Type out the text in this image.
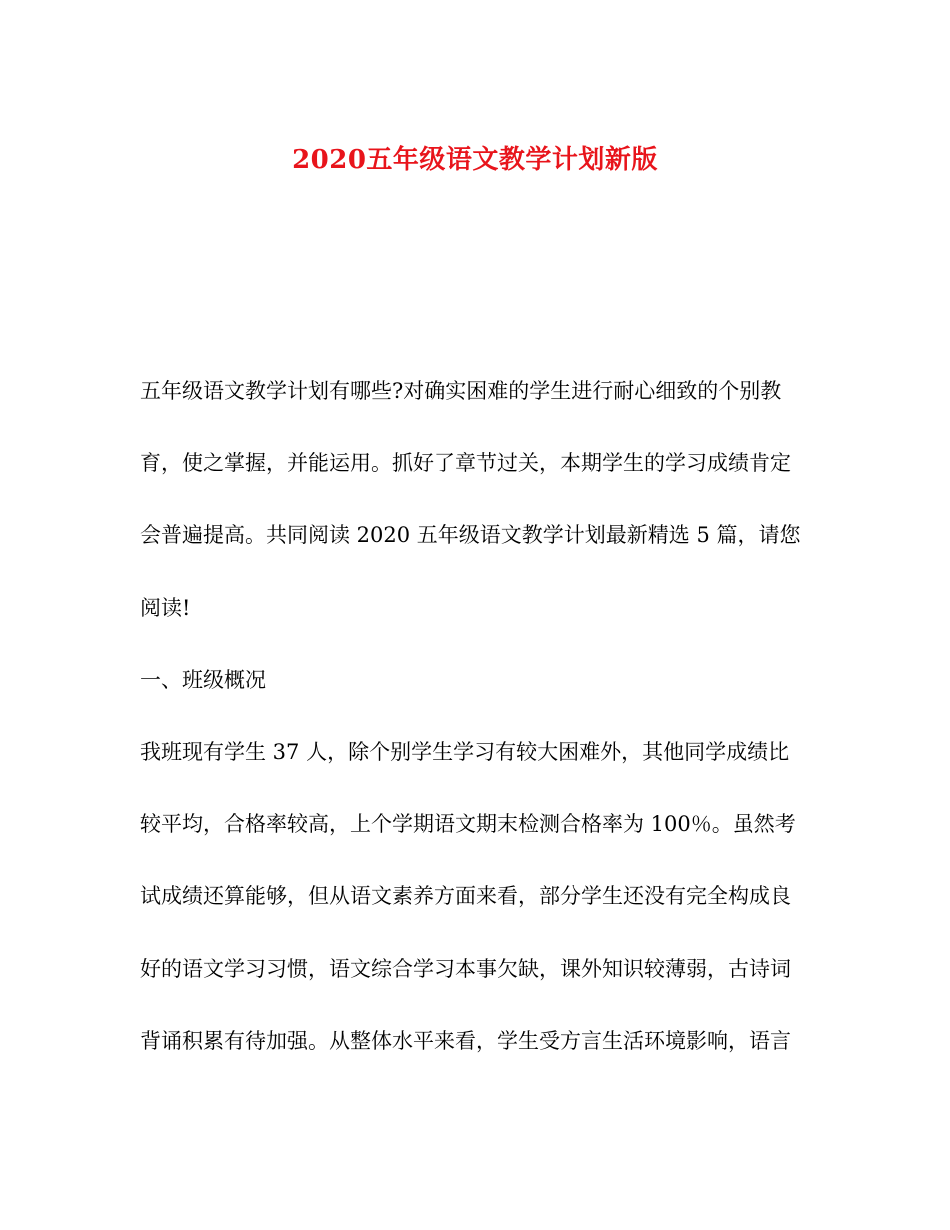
2020五年级语文教学计划新版
五年级语文教学计划有哪些?对确实困难的学生进行耐心细致的个别教
育，使之掌握，并能运用。抓好了章节过关，本期学生的学习成绩肯定
会普遍提高。共同阅读 2020 五年级语文教学计划最新精选 5 篇，请您
阅读!
一、班级概况
我班现有学生 37 人，除个别学生学习有较大困难外，其他同学成绩比
较平均，合格率较高，上个学期语文期末检测合格率为 100％。虽然考
试成绩还算能够，但从语文素养方面来看，部分学生还没有完全构成良
好的语文学习习惯，语文综合学习本事欠缺，课外知识较薄弱，古诗词
背诵积累有待加强。从整体水平来看，学生受方言生活环境影响，语言
